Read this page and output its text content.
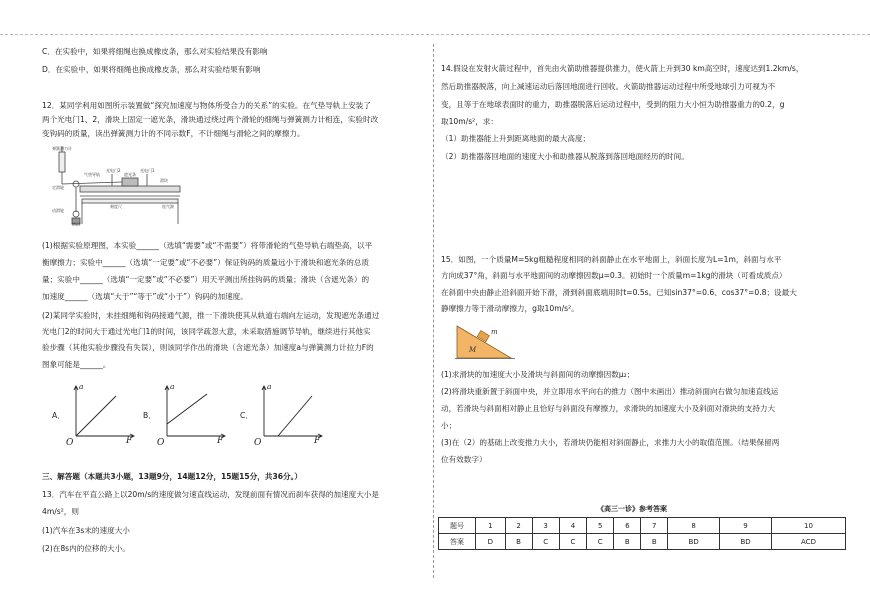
C．在实验中，如果将细绳也换成橡皮条，那么对实验结果没有影响
D．在实验中，如果将细绳也换成橡皮条，那么对实验结果有影响
12．某同学利用如图所示装置做“探究加速度与物体所受合力的关系”的实验。在气垫导轨上安装了
两个光电门1、2，滑块上固定一遮光条，滑块通过绕过两个滑轮的细绳与弹簧测力计相连，实验时改
变钩码的质量，读出弹簧测力计的不同示数F，不计细绳与滑轮之间的摩擦力。
气垫导轨
光电门2	光电门1
遮光条
滑块
定滑轮
动滑轮
钩码
连气源
弹簧测力计
刻度尺
(1)根据实验原理图，本实验______（选填“需要”或“不需要”）将带滑轮的气垫导轨右端垫高，以平
衡摩擦力；实验中______（选填“一定要”或“不必要”）保证钩码的质量远小于滑块和遮光条的总质
量；实验中______（选填“一定要”或“不必要”）用天平测出所挂钩码的质量；滑块（含遮光条）的
加速度______（选填“大于”“等于”或“小于”）钩码的加速度。
(2)某同学实验时，未挂细绳和钩码接通气源，推一下滑块使其从轨道右端向左运动，发现遮光条通过
光电门2的时间大于通过光电门1的时间，该同学疏忽大意，未采取措施调节导轨，继续进行其他实
验步骤（其他实验步骤没有失误），则该同学作出的滑块（含遮光条）加速度a与弹簧测力计拉力F的
图象可能是______。
A．
a
O	F
B．
a
O	F
C．
a
O	F
三、解答题（本题共3小题，13题9分，14题12分，15题15分，共36分。）
13．汽车在平直公路上以20m/s的速度做匀速直线运动，发现前面有情况而刹车获得的加速度大小是
4m/s²，则
(1)汽车在3s末的速度大小
(2)在8s内的位移的大小。
14.假设在发射火箭过程中，首先由火箭助推器提供推力，使火箭上升到30 km高空时，速度达到1.2km/s，
然后助推器脱落，向上减速运动后落回地面进行回收。火箭助推器运动过程中所受地球引力可视为不
变，且等于在地球表面时的重力，助推器脱落后运动过程中，受到的阻力大小恒为助推器重力的0.2，g
取10m/s²，求：
（1）助推器能上升到距离地面的最大高度；
（2）助推器落回地面的速度大小和助推器从脱落到落回地面经历的时间。
15．如图，一个质量M=5kg粗糙程度相同的斜面静止在水平地面上，斜面长度为L=1m，斜面与水平
方向成37°角，斜面与水平地面间的动摩擦因数μ=0.3。初始时一个质量m=1kg的滑块（可看成质点）
在斜面中央由静止沿斜面开始下滑，滑到斜面底端用时t=0.5s。已知sin37°=0.6、cos37°=0.8；设最大
静摩擦力等于滑动摩擦力，g取10m/s²。
m
M
(1)求滑块的加速度大小及滑块与斜面间的动摩擦因数μ₂；
(2)将滑块重新置于斜面中央，并立即用水平向右的推力（图中未画出）推动斜面向右做匀加速直线运
动，若滑块与斜面相对静止且恰好与斜面没有摩擦力，求滑块的加速度大小及斜面对滑块的支持力大
小；
(3)在（2）的基础上改变推力大小，若滑块仍能相对斜面静止，求推力大小的取值范围。（结果保留两
位有效数字）
《高三一诊》参考答案
题号	1	2	3	4	5	6	7	8	9	10
答案	D	B	C	C	C	B	B	BD	BD	ACD
